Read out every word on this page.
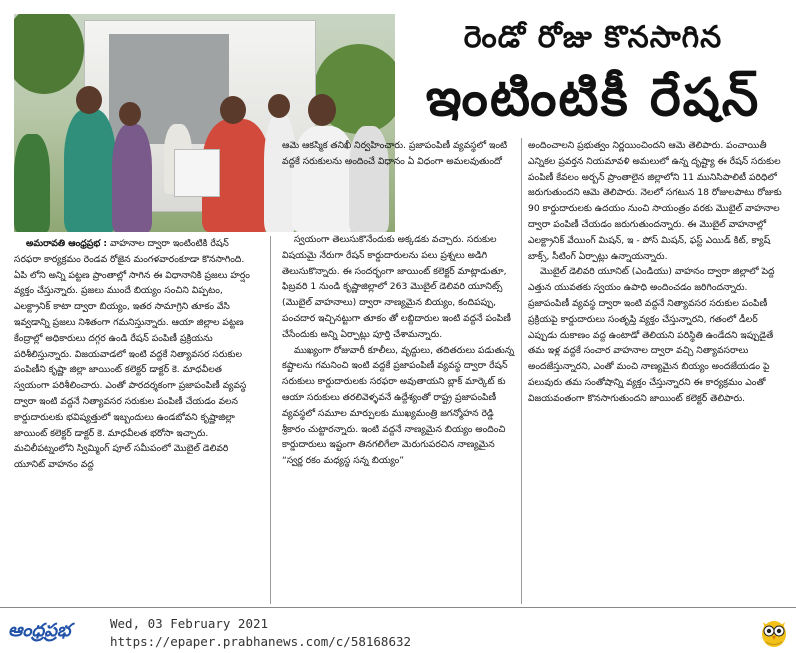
రెండో రోజు కొనసాగిన
ఇంటింటికీ రేషన్

అమరావతి ఆంధ్రప్రభ : వాహనాల ద్వారా ఇంటింటికి రేషన్ సరఫరా కార్యక్రమం రెండవ రోజైన మంగళవారంకూడా కొనసాగింది. ఏపి లోని అన్ని పట్టణ ప్రాంతాల్లో సాగిన ఈ విధానానికి ప్రజలు హర్షం వ్యక్తం చేస్తున్నారు. ప్రజలు ముందే బియ్యం సంచిని విప్పటం, ఎలక్ట్రానిక్ కాటా ద్వారా బియ్యం, ఇతర సామాగ్రిని తూకం వేసి ఇవ్వడాన్ని ప్రజలు నిశితంగా గమనిస్తున్నారు. ఆయా జిల్లాల పట్టణ కేంద్రాల్లో అధికారులు దగ్గర ఉండి రేషన్ పంపిణీ ప్రక్రియను పరిశీలిస్తున్నారు. విజయవాడలో ఇంటి వద్దకే నిత్యావసర సరుకుల పంపిణీని కృష్ణా జిల్లా జాయింట్ కలెక్టర్ డాక్టర్ కె. మాధవీలత స్వయంగా పరిశీలించారు. ఎంతో పారదర్శకంగా ప్రజాపంపిణీ వ్యవస్థ ద్వారా ఇంటి వద్దనే నిత్యావసర సరుకుల పంపిణీ చేయడం వలన కార్డుదారులకు భవిష్యత్తులో ఇబ్బందులు ఉండబోవని కృష్ణాజిల్లా జాయింట్ కలెక్టర్ డాక్టర్ కె. మాధవీలత భరోసా ఇచ్చారు. మచిలీపట్నంలోని స్విమ్మింగ్ పూల్ సమీపంలో మొబైల్ డెలివరి యూనిట్ వాహనం వద్ద

ఆమె ఆకస్మిక తనిఖీ నిర్వహించారు. ప్రజాపంపిణీ వ్యవస్థలో ఇంటి వద్దకే సరుకులను అందించే విధానం ఏ విధంగా అమలవుతుందో

స్వయంగా తెలుసుకొనేందుకు అక్కడకు వచ్చారు. సరుకుల విషయమై నేరుగా రేషన్ కార్డుదారులను పలు ప్రశ్నలు అడిగి తెలుసుకొన్నారు. ఈ సందర్భంగా జాయింట్ కలెక్టర్ మాట్లాడుతూ, ఫిబ్రవరి 1 నుండి కృష్ణాజిల్లాలో 263 మొబైల్ డెలివరి యూనిట్స్ (మొబైల్ వాహనాలు) ద్వారా నాణ్యమైన బియ్యం, కందిపప్పు, పంచదార ఇచ్చినట్టుగా తూకం తో లబ్దిదారుల ఇంటి వద్దనే పంపిణీ చేసేందుకు అన్ని ఏర్పాట్లు పూర్తి చేశామన్నారు.

ముఖ్యంగా రోజువారీ కూలీలు, వృద్దులు, తదితరులు పడుతున్న కష్టాలను గమనించి ఇంటి వద్దకే ప్రజాపంపిణీ వ్యవస్థ ద్వారా రేషన్ సరుకులు కార్డుదారులకు సరఫరా అవుతాయని బ్లాక్ మార్కెట్ కు ఆయా సరుకులు తరలివెళ్ళవనే ఉద్దేశ్యంతో రాష్ట్ర ప్రజాపంపిణీ వ్యవస్థలో సమూల మార్పులకు ముఖ్యమంత్రి జగన్మోహన రెడ్డి శ్రీకారం చుట్టారన్నారు. ఇంటి వద్దనే నాణ్యమైన బియ్యం అందించి కార్డుదారులు ఇష్టంగా తినగలిగేలా మెరుగుపరచిన నాణ్యమైన “స్వర్ణ రకం మధ్యస్థ సన్న బియ్యం”

అందించాలని ప్రభుత్వం నిర్ణయించిందని ఆమె తెలిపారు. పంచాయితీ ఎన్నికల ప్రవర్తన నియమావళి అమలులో ఉన్న దృష్ట్యా ఈ రేషన్ సరుకుల పంపిణీ కేవలం అర్బన్ ప్రాంతాలైన జిల్లాలోని 11 మునిసిపాలిటీ పరిధిలో జరుగుతుందని ఆమె తెలిపారు. నెలలో సగటున 18 రోజులపాటు రోజుకు 90 కార్డుదారులకు ఉదయం నుంచి సాయంత్రం వరకు మొబైల్ వాహనాల ద్వారా పంపిణీ చేయడం జరుగుతుందన్నారు. ఈ మొబైల్ వాహనాల్లో ఎలక్ట్రానిక్ వేయింగ్ మిషన్, ఇ - పోస్ మిషన్, ఫస్ట్ ఎయిడ్ కిట్, క్యాష్ బాక్స్, సీటింగ్ ఏర్పాట్లు ఉన్నాయన్నారు.

మొబైల్ డెలివరి యూనిట్ (ఎండియు) వాహనం ద్వారా జిల్లాలో పెద్ద ఎత్తున యువతకు స్వయం ఉపాధి అందించడం జరిగిందన్నారు. ప్రజాపంపిణీ వ్యవస్థ ద్వారా ఇంటి వద్దనే నిత్యావసర సరుకుల పంపిణీ ప్రక్రియపై కార్డుదారులు సంతృప్తి వ్యక్తం చేస్తున్నారని, గతంలో డీలర్ ఎప్పుడు దుకాణం వద్ద ఉంటాడో తెలియని పరిస్థితి ఉండేదని ఇప్పుడైతే తమ ఇళ్ల వద్దకే సంచార వాహనాల ద్వారా వచ్చి నిత్యావసరాలు అందజేస్తున్నారని, ఎంతో మంచి నాణ్యమైన బియ్యం అందజేయడం పై పలువురు తమ సంతోషాన్ని వ్యక్తం చేస్తున్నారని ఈ కార్యక్రమం ఎంతో విజయవంతంగా కొనసాగుతుందని జాయింట్ కలెక్టర్ తెలిపారు.

ఆంధ్రప్రభ	Wed, 03 February 2021
https://epaper.prabhanews.com/c/58168632
